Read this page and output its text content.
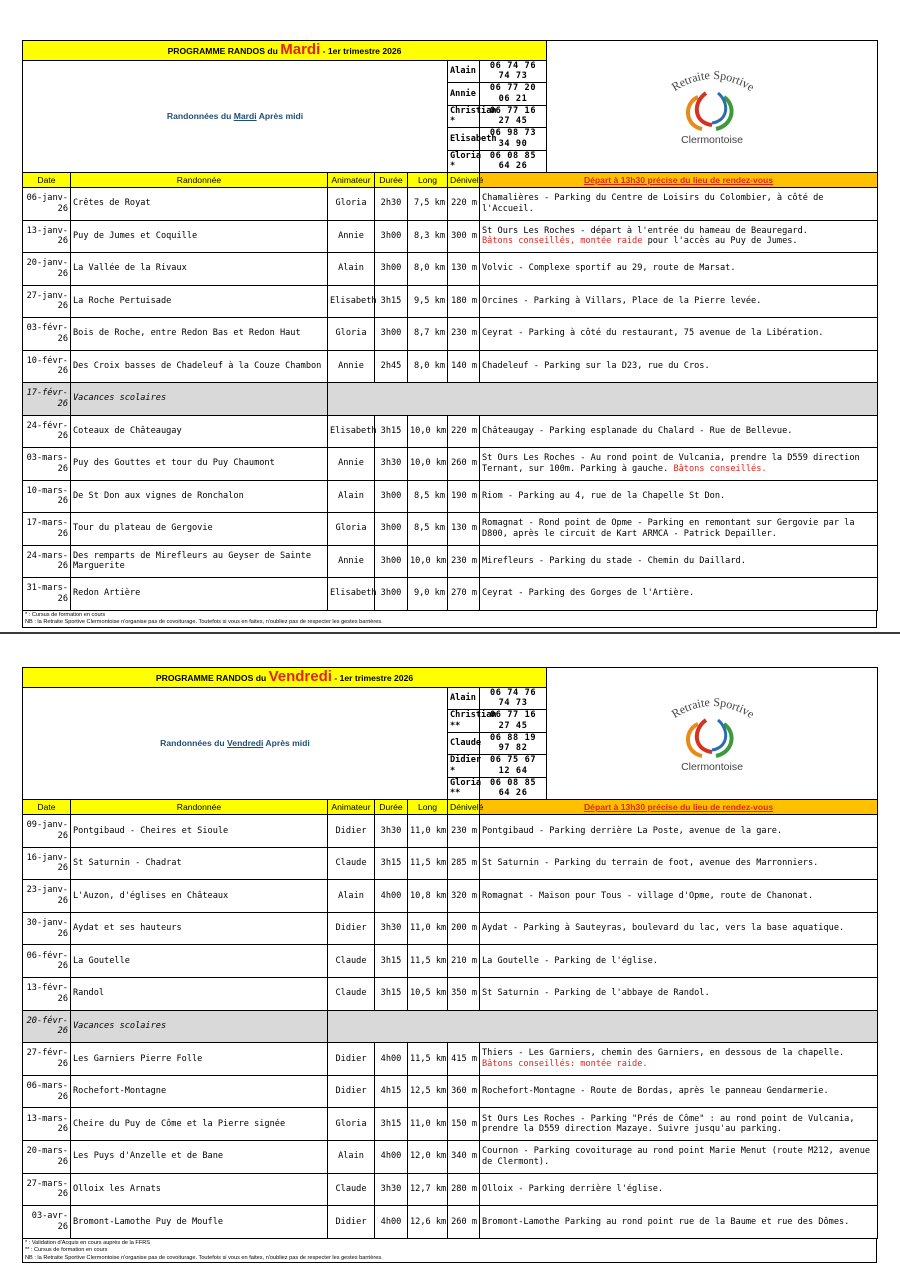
PROGRAMME RANDOS du Mardi - 1er trimestre 2026							Retraite Sportive
Clermontoise

Randonnées du Mardi Après midi					Alain	06 74 76 74 73	
					Annie	06 77 20 06 21	
					Christian *	06 77 16 27 45	
					Elisabeth	06 98 73 34 90	
					Gloria *	06 08 85 64 26	
Date	Randonnée	Animateur	Durée	Long	Dénivelé	Départ à 13h30 précise du lieu de rendez-vous	
06-janv-26	Crêtes de Royat	Gloria	2h30	7,5 km	220 m	Chamalières - Parking du Centre de Loisirs du Colombier, à côté de l'Accueil.	
13-janv-26	Puy de Jumes et Coquille	Annie	3h00	8,3 km	300 m	St Ours Les Roches - départ à l'entrée du hameau de Beauregard.
Bâtons conseillés, montée raide pour l'accès au Puy de Jumes.	
20-janv-26	La Vallée de la Rivaux	Alain	3h00	8,0 km	130 m	Volvic - Complexe sportif au 29, route de Marsat.	
27-janv-26	La Roche Pertuisade	Elisabeth	3h15	9,5 km	180 m	Orcines - Parking à Villars, Place de la Pierre levée.	
03-févr-26	Bois de Roche, entre Redon Bas et Redon Haut	Gloria	3h00	8,7 km	230 m	Ceyrat - Parking à côté du restaurant, 75 avenue de la Libération.	
10-févr-26	Des Croix basses de Chadeleuf à la Couze Chambon	Annie	2h45	8,0 km	140 m	Chadeleuf - Parking sur la D23, rue du Cros.	
17-févr-26	Vacances scolaires						
24-févr-26	Coteaux de Châteaugay	Elisabeth	3h15	10,0 km	220 m	Châteaugay - Parking esplanade du Chalard - Rue de Bellevue.	
03-mars-26	Puy des Gouttes et tour du Puy Chaumont	Annie	3h30	10,0 km	260 m	St Ours Les Roches - Au rond point de Vulcania, prendre la D559 direction Ternant, sur 100m. Parking à gauche. Bâtons conseillés.	
10-mars-26	De St Don aux vignes de Ronchalon	Alain	3h00	8,5 km	190 m	Riom - Parking au 4, rue de la Chapelle St Don.	
17-mars-26	Tour du plateau de Gergovie	Gloria	3h00	8,5 km	130 m	Romagnat - Rond point de Opme - Parking en remontant sur Gergovie par la D800, après le circuit de Kart ARMCA - Patrick Depailler.	
24-mars-26	Des remparts de Mirefleurs au Geyser de Sainte Marguerite	Annie	3h00	10,0 km	230 m	Mirefleurs - Parking du stade - Chemin du Daillard.	
31-mars-26	Redon Artière	Elisabeth	3h00	9,0 km	270 m	Ceyrat - Parking des Gorges de l'Artière.	
* : Cursus de formation en cours
NB : la Retraite Sportive Clermontoise n'organise pas de covoiturage. Toutefois si vous en faites, n'oubliez pas de respecter les gestes barrières.
PROGRAMME RANDOS du Vendredi - 1er trimestre 2026							Retraite Sportive
Clermontoise

Randonnées du Vendredi Après midi					Alain	06 74 76 74 73	
					Christian **	06 77 16 27 45	
					Claude	06 88 19 97 82	
					Didier *	06 75 67 12 64	
					Gloria **	06 08 85 64 26	
Date	Randonnée	Animateur	Durée	Long	Dénivelé	Départ à 13h30 précise du lieu de rendez-vous	
09-janv-26	Pontgibaud - Cheires et Sioule	Didier	3h30	11,0 km	230 m	Pontgibaud - Parking derrière La Poste, avenue de la gare.	
16-janv-26	St Saturnin - Chadrat	Claude	3h15	11,5 km	285 m	St Saturnin - Parking du terrain de foot, avenue des Marronniers.	
23-janv-26	L'Auzon, d'églises en Châteaux	Alain	4h00	10,8 km	320 m	Romagnat - Maison pour Tous - village d'Opme, route de Chanonat.	
30-janv-26	Aydat et ses hauteurs	Didier	3h30	11,0 km	200 m	Aydat - Parking à Sauteyras, boulevard du lac, vers la base aquatique.	
06-févr-26	La Goutelle	Claude	3h15	11,5 km	210 m	La Goutelle - Parking de l'église.	
13-févr-26	Randol	Claude	3h15	10,5 km	350 m	St Saturnin - Parking de l'abbaye de Randol.	
20-févr-26	Vacances scolaires						
27-févr-26	Les Garniers Pierre Folle	Didier	4h00	11,5 km	415 m	Thiers - Les Garniers, chemin des Garniers, en dessous de la chapelle.
Bâtons conseillés: montée raide.	
06-mars-26	Rochefort-Montagne	Didier	4h15	12,5 km	360 m	Rochefort-Montagne - Route de Bordas, après le panneau Gendarmerie.	
13-mars-26	Cheire du Puy de Côme et la Pierre signée	Gloria	3h15	11,0 km	150 m	St Ours Les Roches - Parking "Prés de Côme" : au rond point de Vulcania, prendre la D559 direction Mazaye. Suivre jusqu'au parking.	
20-mars-26	Les Puys d'Anzelle et de Bane	Alain	4h00	12,0 km	340 m	Cournon - Parking covoiturage au rond point Marie Menut (route M212, avenue de Clermont).	
27-mars-26	Olloix les Arnats	Claude	3h30	12,7 km	280 m	Olloix - Parking derrière l'église.	
03-avr-26	Bromont-Lamothe Puy de Moufle	Didier	4h00	12,6 km	260 m	Bromont-Lamothe Parking au rond point rue de la Baume et rue des Dômes.	
* : Validation d'Acquis en cours auprès de la FFRS
** : Cursus de formation en cours
NB : la Retraite Sportive Clermontoise n'organise pas de covoiturage. Toutefois si vous en faites, n'oubliez pas de respecter les gestes barrières.
